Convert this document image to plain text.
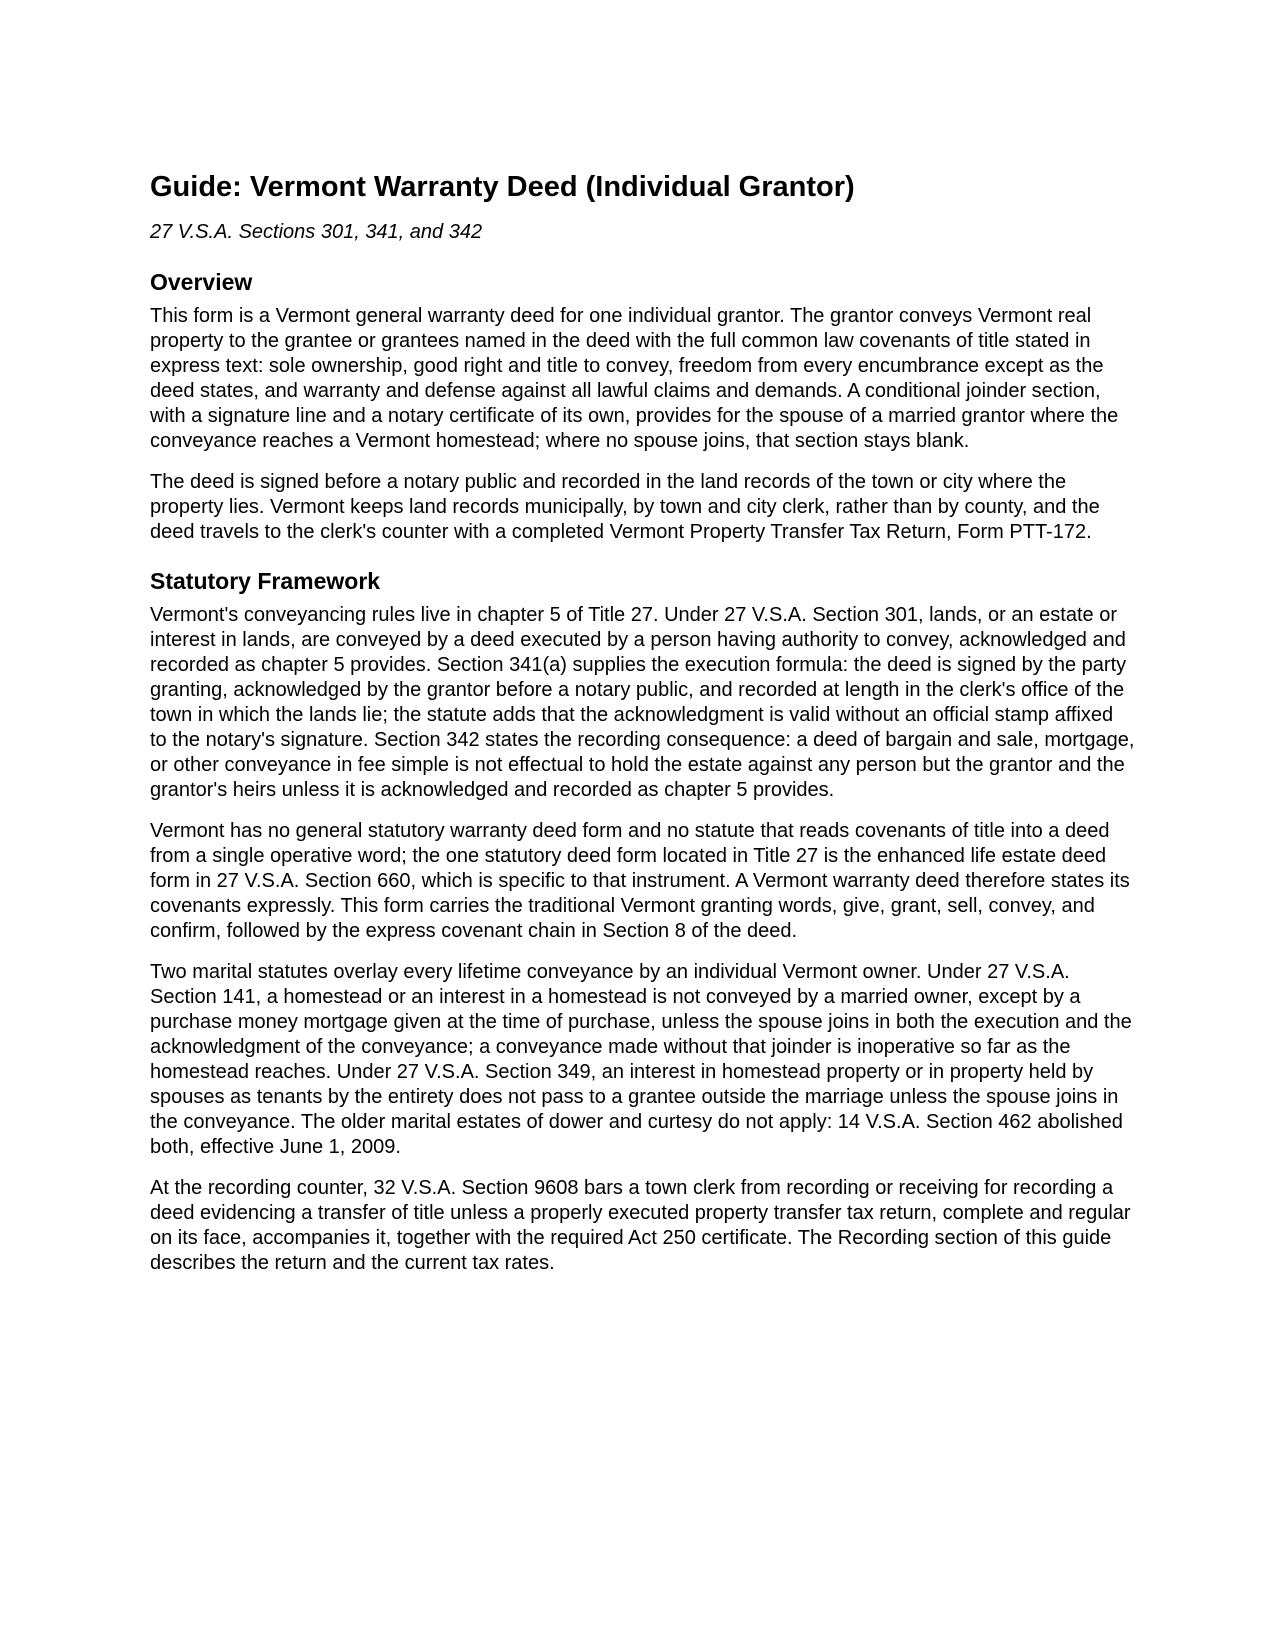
Guide: Vermont Warranty Deed (Individual Grantor)
27 V.S.A. Sections 301, 341, and 342
Overview

This form is a Vermont general warranty deed for one individual grantor. The grantor conveys Vermont real property to the grantee or grantees named in the deed with the full common law covenants of title stated in express text: sole ownership, good right and title to convey, freedom from every encumbrance except as the deed states, and warranty and defense against all lawful claims and demands. A conditional joinder section, with a signature line and a notary certificate of its own, provides for the spouse of a married grantor where the conveyance reaches a Vermont homestead; where no spouse joins, that section stays blank.

The deed is signed before a notary public and recorded in the land records of the town or city where the property lies. Vermont keeps land records municipally, by town and city clerk, rather than by county, and the deed travels to the clerk's counter with a completed Vermont Property Transfer Tax Return, Form PTT-172.

Statutory Framework

Vermont's conveyancing rules live in chapter 5 of Title 27. Under 27 V.S.A. Section 301, lands, or an estate or interest in lands, are conveyed by a deed executed by a person having authority to convey, acknowledged and recorded as chapter 5 provides. Section 341(a) supplies the execution formula: the deed is signed by the party granting, acknowledged by the grantor before a notary public, and recorded at length in the clerk's office of the town in which the lands lie; the statute adds that the acknowledgment is valid without an official stamp affixed to the notary's signature. Section 342 states the recording consequence: a deed of bargain and sale, mortgage, or other conveyance in fee simple is not effectual to hold the estate against any person but the grantor and the grantor's heirs unless it is acknowledged and recorded as chapter 5 provides.

Vermont has no general statutory warranty deed form and no statute that reads covenants of title into a deed from a single operative word; the one statutory deed form located in Title 27 is the enhanced life estate deed form in 27 V.S.A. Section 660, which is specific to that instrument. A Vermont warranty deed therefore states its covenants expressly. This form carries the traditional Vermont granting words, give, grant, sell, convey, and confirm, followed by the express covenant chain in Section 8 of the deed.

Two marital statutes overlay every lifetime conveyance by an individual Vermont owner. Under 27 V.S.A. Section 141, a homestead or an interest in a homestead is not conveyed by a married owner, except by a purchase money mortgage given at the time of purchase, unless the spouse joins in both the execution and the acknowledgment of the conveyance; a conveyance made without that joinder is inoperative so far as the homestead reaches. Under 27 V.S.A. Section 349, an interest in homestead property or in property held by spouses as tenants by the entirety does not pass to a grantee outside the marriage unless the spouse joins in the conveyance. The older marital estates of dower and curtesy do not apply: 14 V.S.A. Section 462 abolished both, effective June 1, 2009.

At the recording counter, 32 V.S.A. Section 9608 bars a town clerk from recording or receiving for recording a deed evidencing a transfer of title unless a properly executed property transfer tax return, complete and regular on its face, accompanies it, together with the required Act 250 certificate. The Recording section of this guide describes the return and the current tax rates.
